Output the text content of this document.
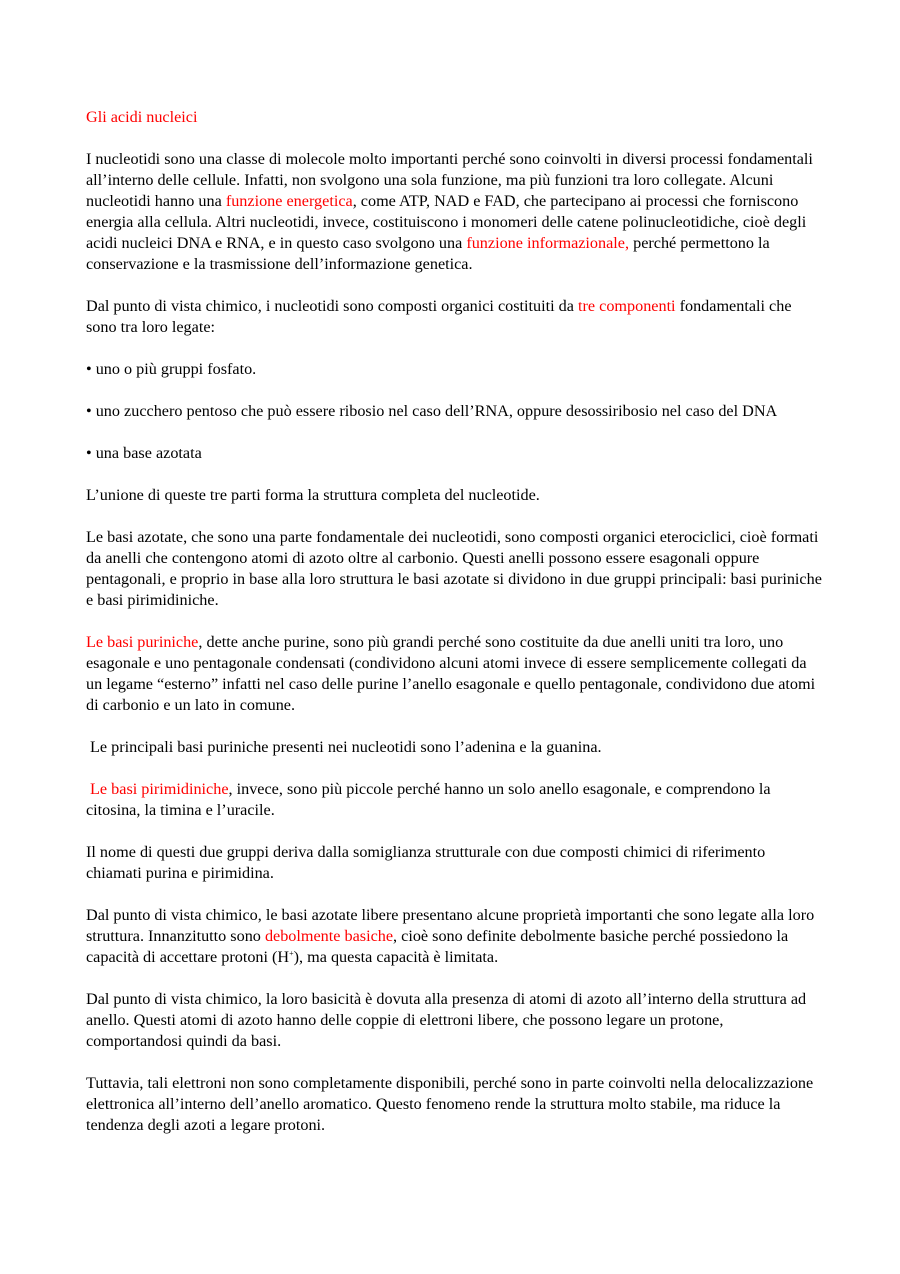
Gli acidi nucleici

I nucleotidi sono una classe di molecole molto importanti perché sono coinvolti in diversi processi fondamentali all’interno delle cellule. Infatti, non svolgono una sola funzione, ma più funzioni tra loro collegate. Alcuni nucleotidi hanno una funzione energetica, come ATP, NAD e FAD, che partecipano ai processi che forniscono energia alla cellula. Altri nucleotidi, invece, costituiscono i monomeri delle catene polinucleotidiche, cioè degli acidi nucleici DNA e RNA, e in questo caso svolgono una funzione informazionale, perché permettono la conservazione e la trasmissione dell’informazione genetica.

Dal punto di vista chimico, i nucleotidi sono composti organici costituiti da tre componenti fondamentali che sono tra loro legate:

• uno o più gruppi fosfato.

• uno zucchero pentoso che può essere ribosio nel caso dell’RNA, oppure desossiribosio nel caso del DNA

• una base azotata

L’unione di queste tre parti forma la struttura completa del nucleotide.

Le basi azotate, che sono una parte fondamentale dei nucleotidi, sono composti organici eterociclici, cioè formati da anelli che contengono atomi di azoto oltre al carbonio. Questi anelli possono essere esagonali oppure pentagonali, e proprio in base alla loro struttura le basi azotate si dividono in due gruppi principali: basi puriniche e basi pirimidiniche.

Le basi puriniche, dette anche purine, sono più grandi perché sono costituite da due anelli uniti tra loro, uno esagonale e uno pentagonale condensati (condividono alcuni atomi invece di essere semplicemente collegati da un legame “esterno” infatti nel caso delle purine l’anello esagonale e quello pentagonale, condividono due atomi di carbonio e un lato in comune.

Le principali basi puriniche presenti nei nucleotidi sono l’adenina e la guanina.

Le basi pirimidiniche, invece, sono più piccole perché hanno un solo anello esagonale, e comprendono la citosina, la timina e l’uracile.

Il nome di questi due gruppi deriva dalla somiglianza strutturale con due composti chimici di riferimento chiamati purina e pirimidina.

Dal punto di vista chimico, le basi azotate libere presentano alcune proprietà importanti che sono legate alla loro struttura. Innanzitutto sono debolmente basiche, cioè sono definite debolmente basiche perché possiedono la capacità di accettare protoni (H+), ma questa capacità è limitata.

Dal punto di vista chimico, la loro basicità è dovuta alla presenza di atomi di azoto all’interno della struttura ad anello. Questi atomi di azoto hanno delle coppie di elettroni libere, che possono legare un protone, comportandosi quindi da basi.

Tuttavia, tali elettroni non sono completamente disponibili, perché sono in parte coinvolti nella delocalizzazione elettronica all’interno dell’anello aromatico. Questo fenomeno rende la struttura molto stabile, ma riduce la tendenza degli azoti a legare protoni.
